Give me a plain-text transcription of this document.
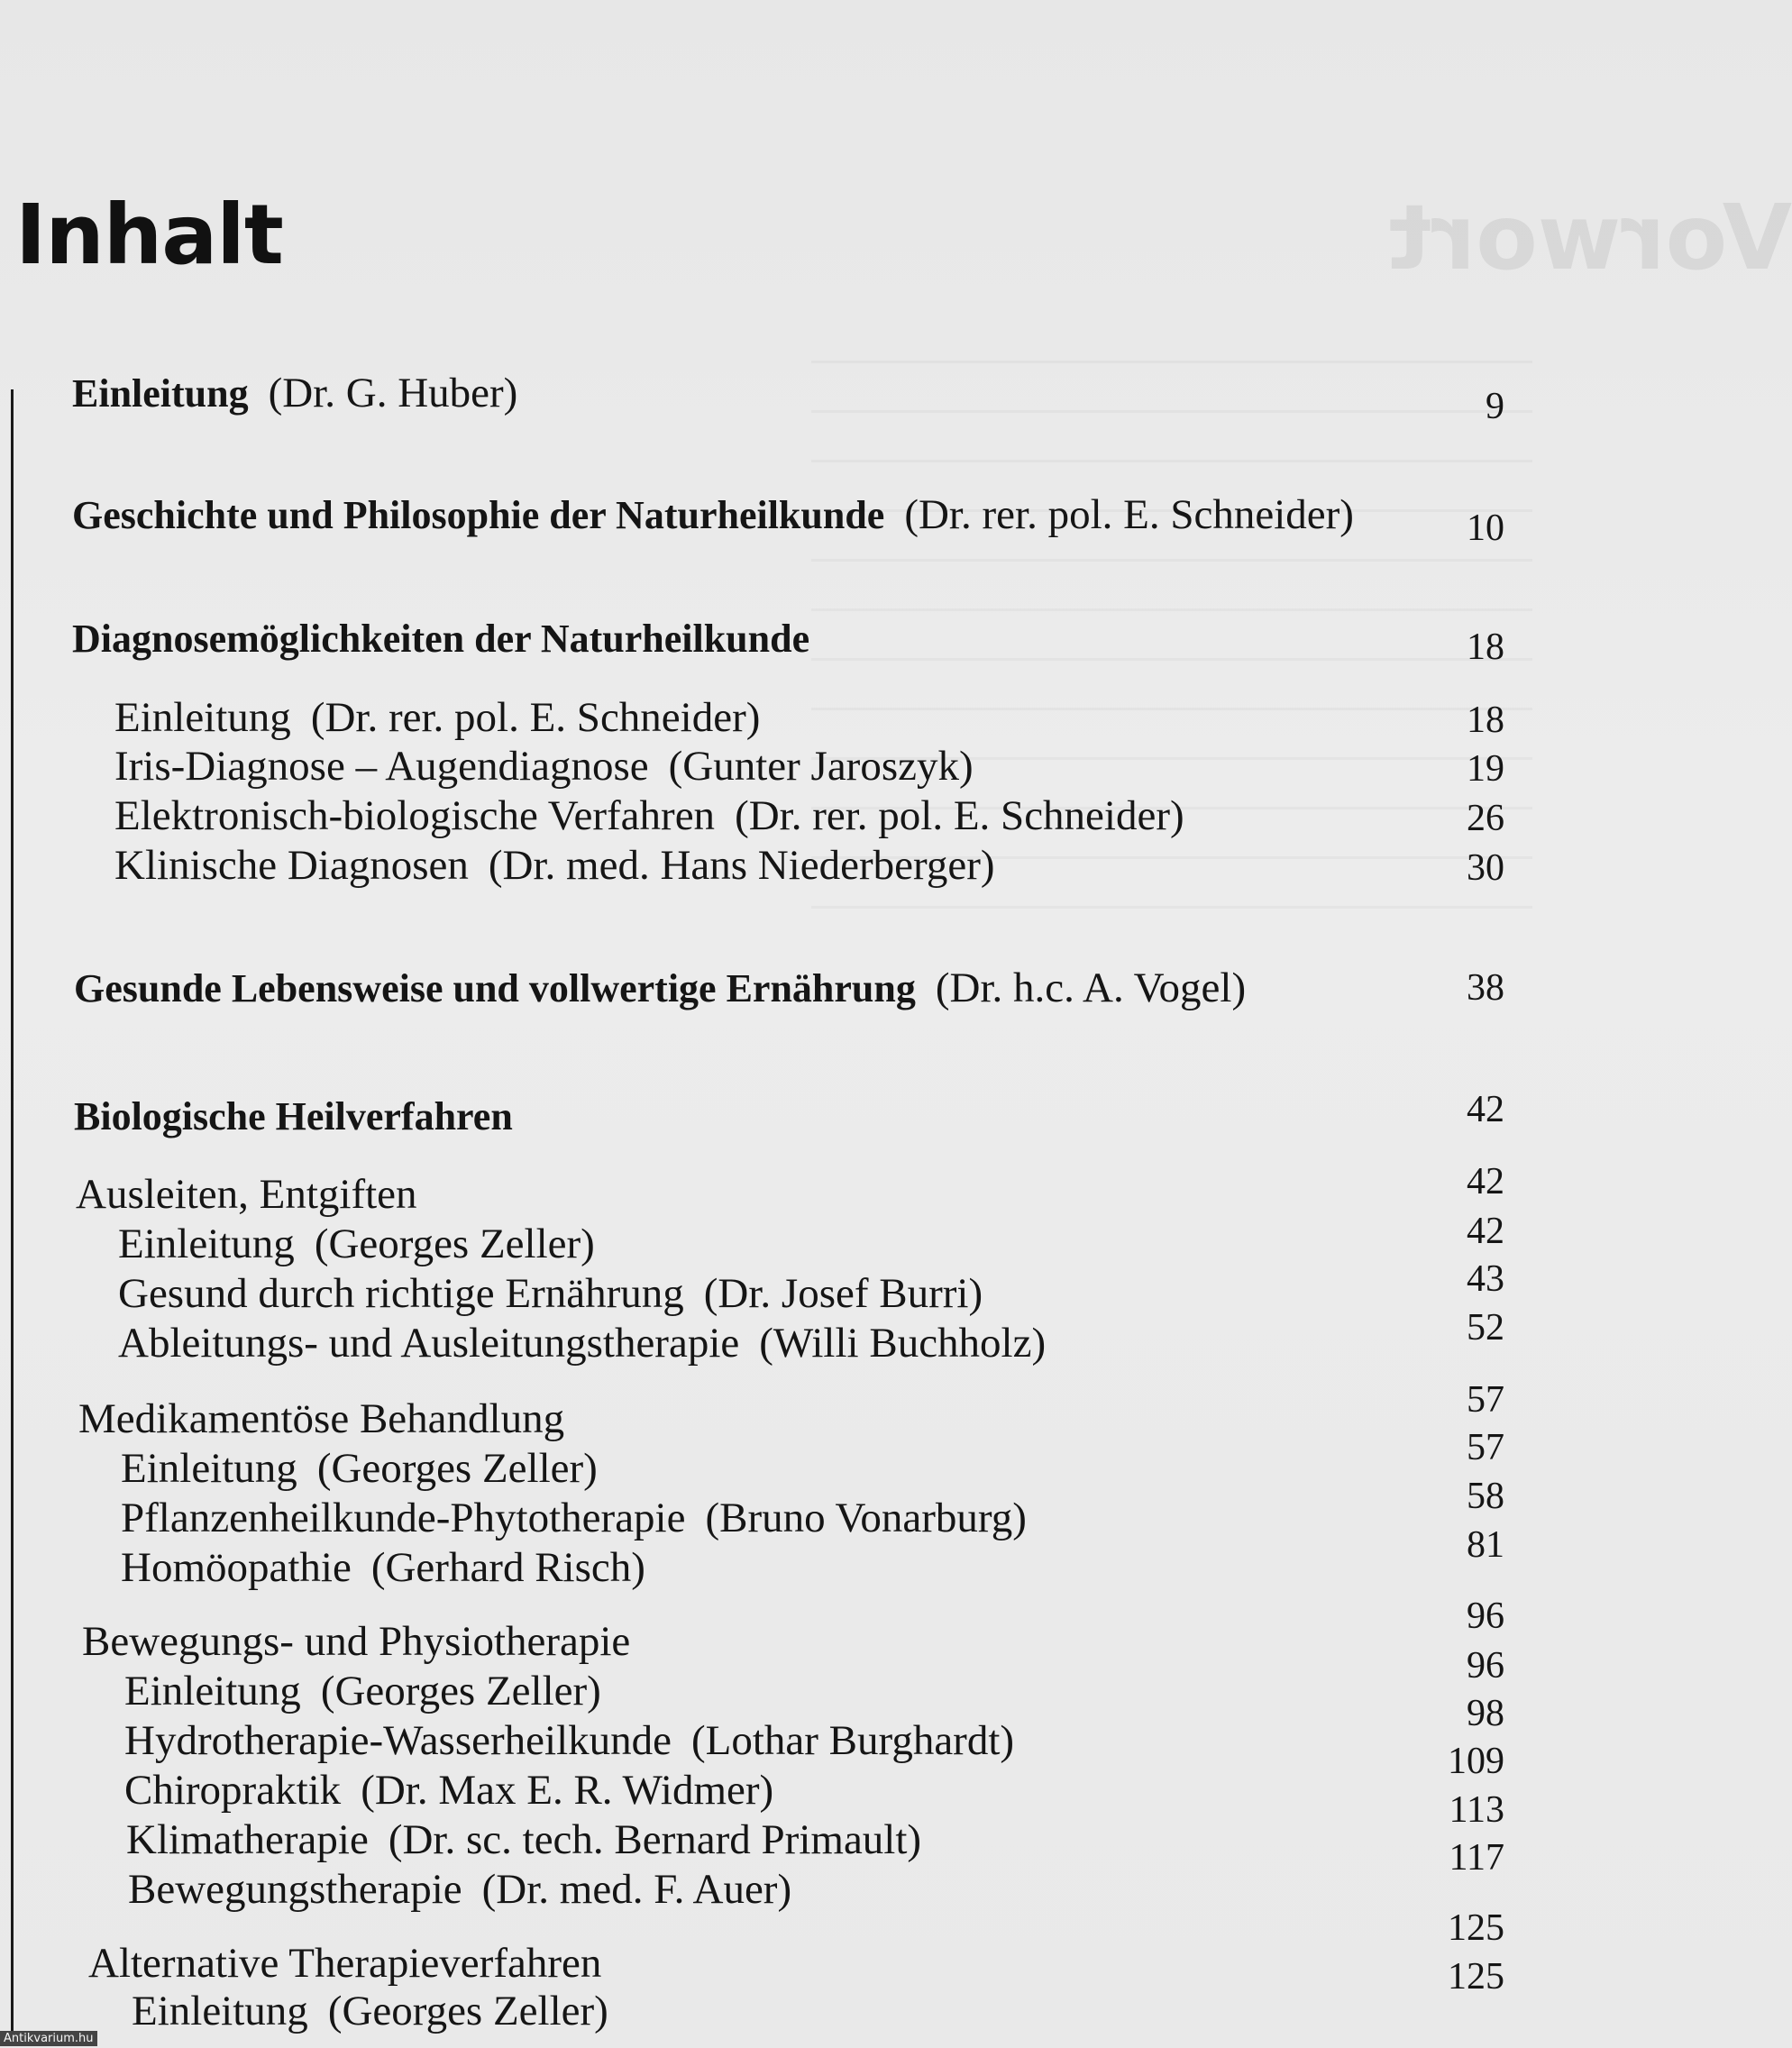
Vorwort
Inhalt
Einleitung (Dr. G. Huber)
Geschichte und Philosophie der Naturheilkunde (Dr. rer. pol. E. Schneider)
Diagnosemöglichkeiten der Naturheilkunde
Einleitung (Dr. rer. pol. E. Schneider)
Iris-Diagnose – Augendiagnose (Gunter Jaroszyk)
Elektronisch-biologische Verfahren (Dr. rer. pol. E. Schneider)
Klinische Diagnosen (Dr. med. Hans Niederberger)
Gesunde Lebensweise und vollwertige Ernährung (Dr. h.c. A. Vogel)
Biologische Heilverfahren
Ausleiten, Entgiften
Einleitung (Georges Zeller)
Gesund durch richtige Ernährung (Dr. Josef Burri)
Ableitungs- und Ausleitungstherapie (Willi Buchholz)
Medikamentöse Behandlung
Einleitung (Georges Zeller)
Pflanzenheilkunde-Phytotherapie (Bruno Vonarburg)
Homöopathie (Gerhard Risch)
Bewegungs- und Physiotherapie
Einleitung (Georges Zeller)
Hydrotherapie-Wasserheilkunde (Lothar Burghardt)
Chiropraktik (Dr. Max E. R. Widmer)
Klimatherapie (Dr. sc. tech. Bernard Primault)
Bewegungstherapie (Dr. med. F. Auer)
Alternative Therapieverfahren
Einleitung (Georges Zeller)
9
10
18
18
19
26
30
38
42
42
42
43
52
57
57
58
81
96
96
98
109
113
117
125
125
Antikvarium.hu
